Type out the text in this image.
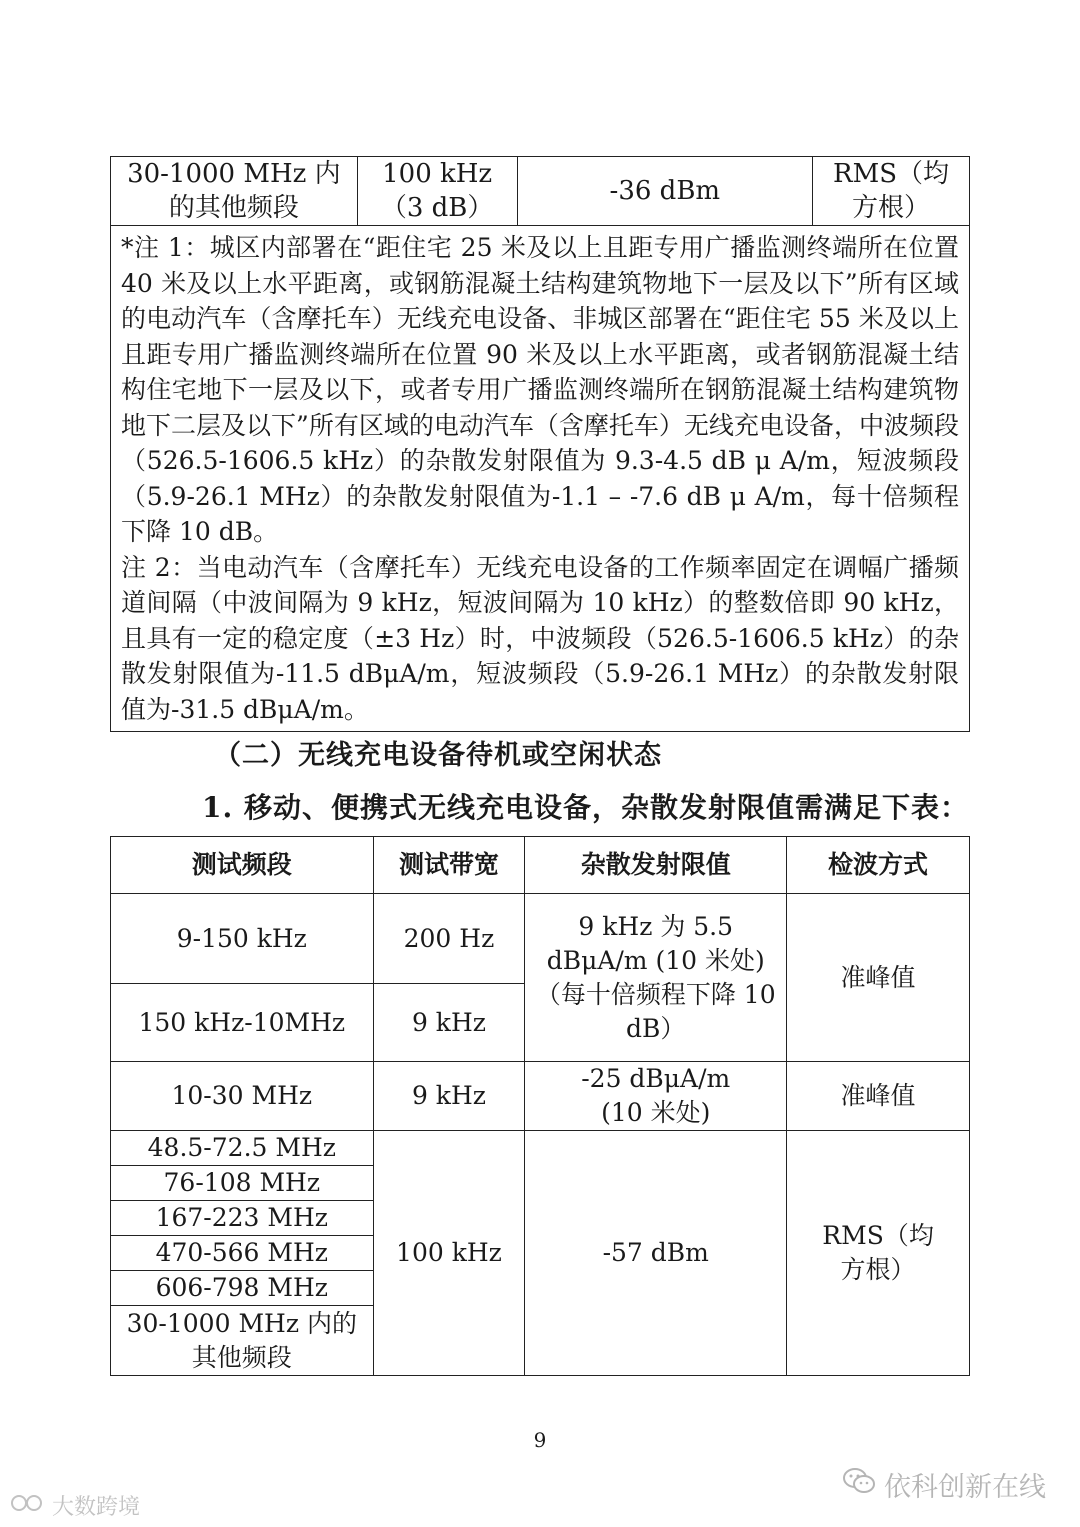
30-1000 MHz 内的其他频段	100 kHz（3 dB）	-36 dBm	RMS（均方根）

*注 1：城区内部署在“距住宅 25 米及以上且距专用广播监测终端所在位置 40 米及以上水平距离，或钢筋混凝土结构建筑物地下一层及以下”所有区域的电动汽车（含摩托车）无线充电设备、非城区部署在“距住宅 55 米及以上且距专用广播监测终端所在位置 90 米及以上水平距离，或者钢筋混凝土结构住宅地下一层及以下，或者专用广播监测终端所在钢筋混凝土结构建筑物地下二层及以下”所有区域的电动汽车（含摩托车）无线充电设备，中波频段（526.5-1606.5 kHz）的杂散发射限值为 9.3-4.5 dB μ A/m，短波频段（5.9-26.1 MHz）的杂散发射限值为-1.1 – -7.6 dB μ A/m，每十倍频程下降 10 dB。
注 2：当电动汽车（含摩托车）无线充电设备的工作频率固定在调幅广播频道间隔（中波间隔为 9 kHz，短波间隔为 10 kHz）的整数倍即 90 kHz，且具有一定的稳定度（±3 Hz）时，中波频段（526.5-1606.5 kHz）的杂散发射限值为-11.5 dBμA/m，短波频段（5.9-26.1 MHz）的杂散发射限值为-31.5 dBμA/m。
（二）无线充电设备待机或空闲状态
1. 移动、便携式无线充电设备，杂散发射限值需满足下表：
测试频段	测试带宽	杂散发射限值	检波方式
9-150 kHz	200 Hz	9 kHz 为 5.5 dBμA/m (10 米处)（每十倍频程下降 10 dB）	准峰值
150 kHz-10MHz	9 kHz		
10-30 MHz	9 kHz	-25 dBμA/m (10 米处)	准峰值
48.5-72.5 MHz	100 kHz	-57 dBm	RMS（均方根）
76-108 MHz			
167-223 MHz			
470-566 MHz			
606-798 MHz			
30-1000 MHz 内的其他频段			
9
依科创新在线
大数跨境
